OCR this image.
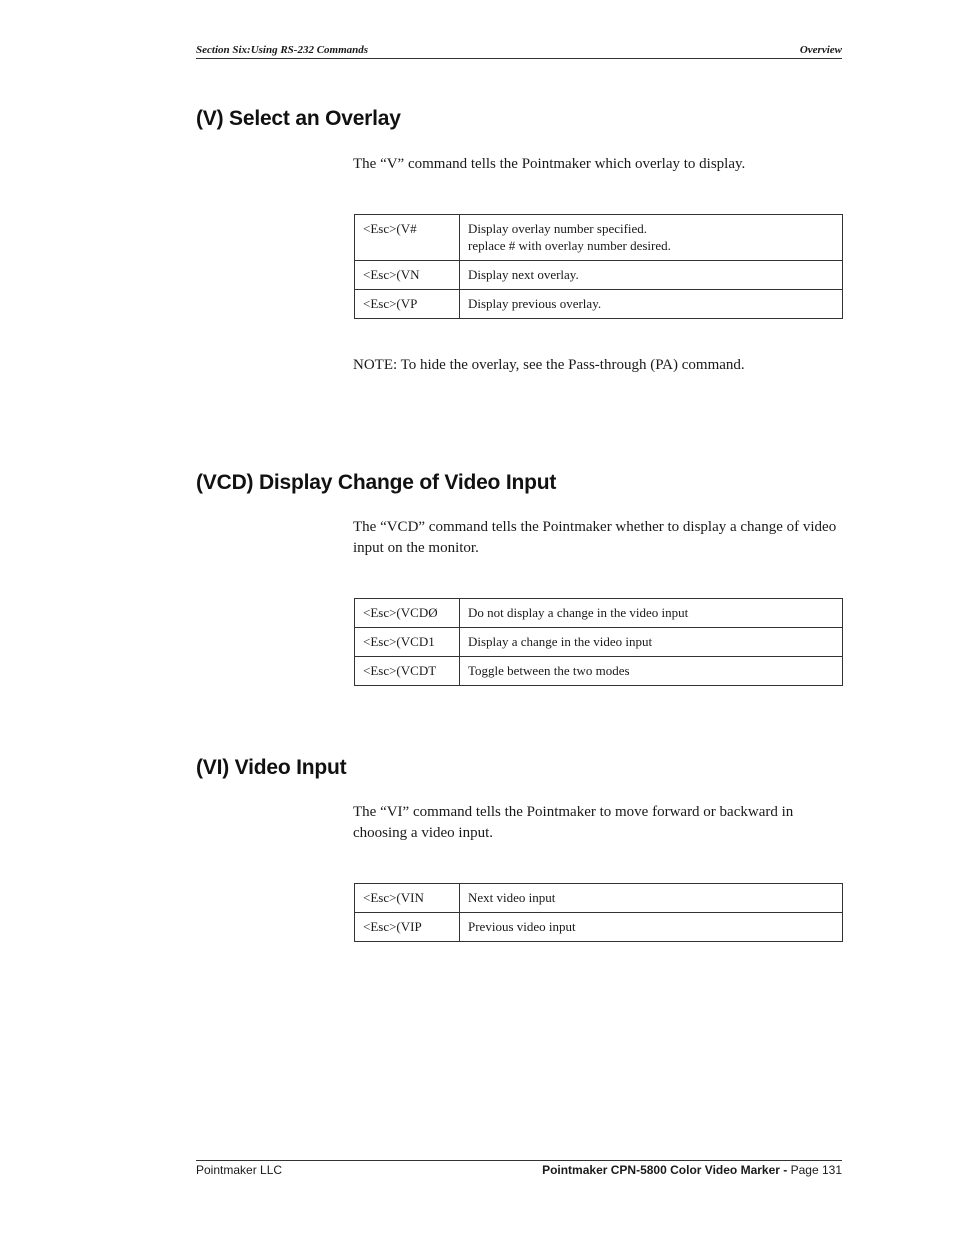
Section Six:Using RS-232 Commands	Overview
(V) Select an Overlay

The “V” command tells the Pointmaker which overlay to display.

<Esc>(V#	Display overlay number specified.
replace # with overlay number desired.
<Esc>(VN	Display next overlay.
<Esc>(VP	Display previous overlay.

NOTE: To hide the overlay, see the Pass-through (PA) command.

(VCD) Display Change of Video Input

The “VCD” command tells the Pointmaker whether to display a change of video input on the monitor.

<Esc>(VCDØ	Do not display a change in the video input
<Esc>(VCD1	Display a change in the video input
<Esc>(VCDT	Toggle between the two modes
(VI) Video Input

The “VI” command tells the Pointmaker to move forward or backward in choosing a video input.

<Esc>(VIN	Next video input
<Esc>(VIP	Previous video input
Pointmaker LLC	Pointmaker CPN-5800 Color Video Marker - Page 131
